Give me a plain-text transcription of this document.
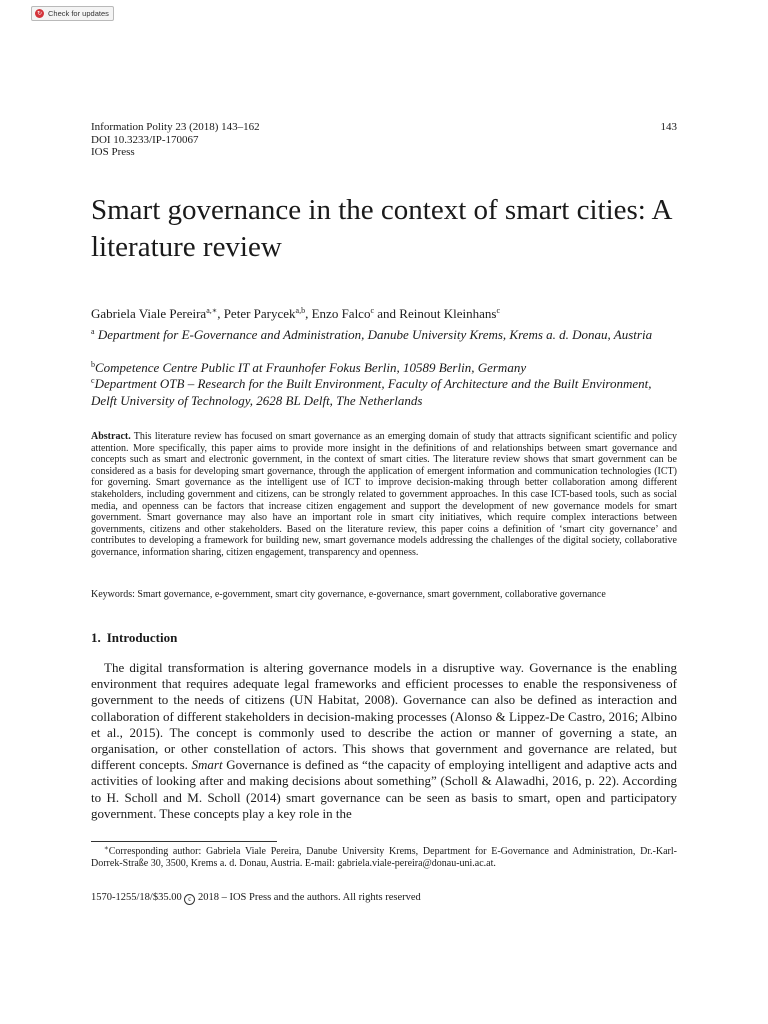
↻ Check for updates
Information Polity 23 (2018) 143–162
DOI 10.3233/IP-170067
IOS Press
143
Smart governance in the context of smart cities: A literature review
Gabriela Viale Pereira$^{a,∗}$, Peter Parycek$^{a,b}$, Enzo Falco$^c$ and Reinout Kleinhans$^c$
$^a$ Department for E-Governance and Administration, Danube University Krems, Krems a. d. Donau, Austria
$^b$Competence Centre Public IT at Fraunhofer Fokus Berlin, 10589 Berlin, Germany
$^c$Department OTB – Research for the Built Environment, Faculty of Architecture and the Built Environment, Delft University of Technology, 2628 BL Delft, The Netherlands
Abstract. This literature review has focused on smart governance as an emerging domain of study that attracts significant scientific and policy attention. More specifically, this paper aims to provide more insight in the definitions of and relationships between smart governance and concepts such as smart and electronic government, in the context of smart cities. The literature review shows that smart government can be considered as a basis for developing smart governance, through the application of emergent information and communication technologies (ICT) for governing. Smart governance as the intelligent use of ICT to improve decision-making through better collaboration among different stakeholders, including government and citizens, can be strongly related to government approaches. In this case ICT-based tools, such as social media, and openness can be factors that increase citizen engagement and support the development of new governance models for smart government. Smart governance may also have an important role in smart city initiatives, which require complex interactions between governments, citizens and other stakeholders. Based on the literature review, this paper coins a definition of ‘smart city governance’ and contributes to developing a framework for building new, smart governance models addressing the challenges of the digital society, collaborative governance, information sharing, citizen engagement, transparency and openness.
Keywords: Smart governance, e-government, smart city governance, e-governance, smart government, collaborative governance
1. Introduction
The digital transformation is altering governance models in a disruptive way. Governance is the enabling environment that requires adequate legal frameworks and efficient processes to enable the responsiveness of government to the needs of citizens (UN Habitat, 2008). Governance can also be defined as interaction and collaboration of different stakeholders in decision-making processes (Alonso & Lippez-De Castro, 2016; Albino et al., 2015). The concept is commonly used to describe the action or manner of governing a state, an organisation, or other constellation of actors. This shows that government and governance are related, but different concepts. Smart Governance is defined as “the capacity of employing intelligent and adaptive acts and activities of looking after and making decisions about something” (Scholl & Alawadhi, 2016, p. 22). According to H. Scholl and M. Scholl (2014) smart governance can be seen as basis to smart, open and participatory government. These concepts play a key role in the
∗Corresponding author: Gabriela Viale Pereira, Danube University Krems, Department for E-Governance and Administration, Dr.-Karl-Dorrek-Straße 30, 3500, Krems a. d. Donau, Austria. E-mail: gabriela.viale-pereira@donau-uni.ac.at.
1570-1255/18/$35.00 c 2018 – IOS Press and the authors. All rights reserved
